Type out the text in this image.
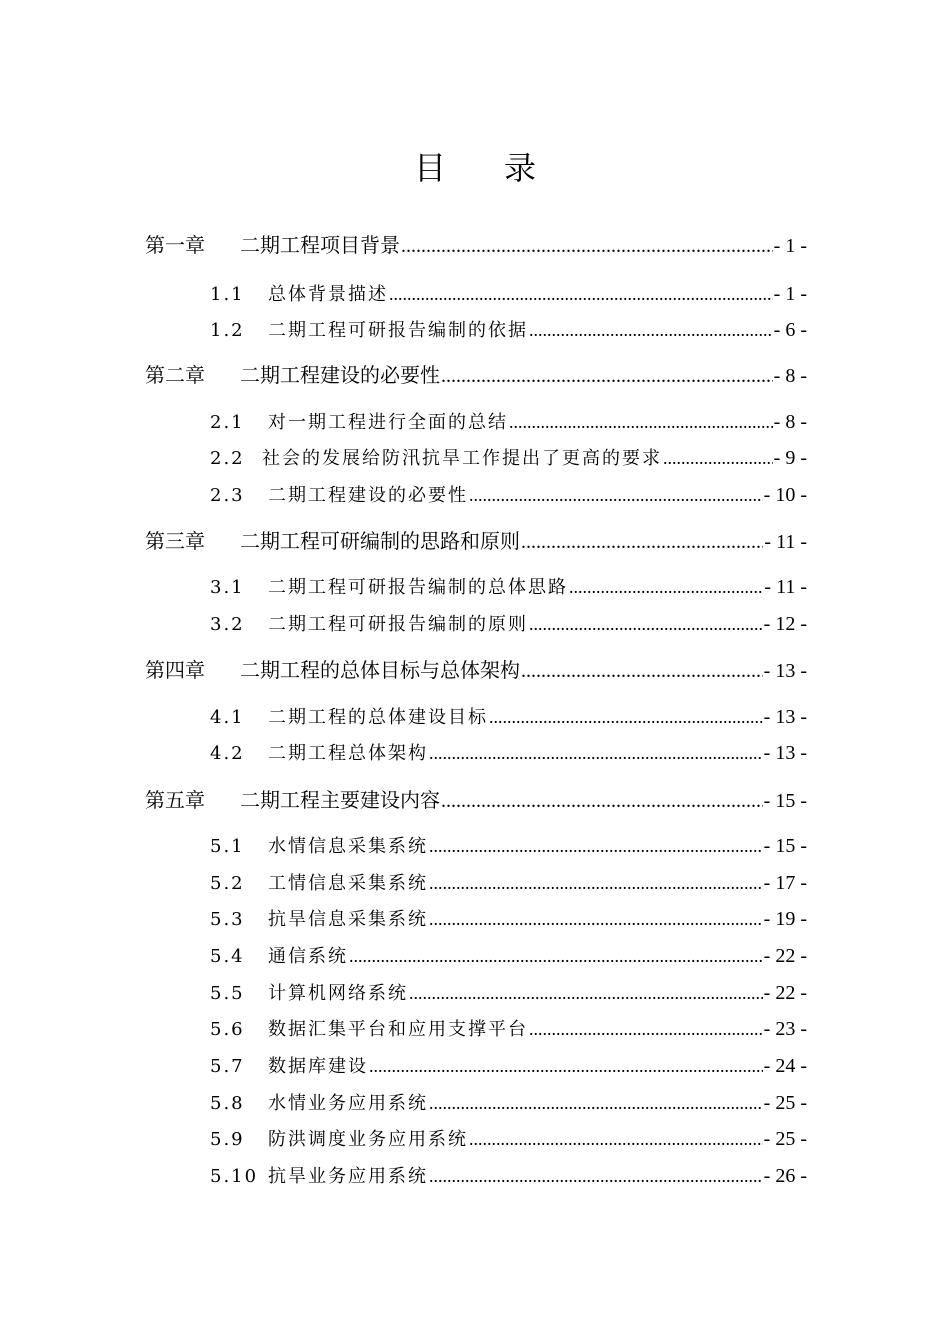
目录
第一章	二期工程项目背景 .....	- 1 -
1.1	总体背景描述 .....	- 1 -
1.2	二期工程可研报告编制的依据 .....	- 6 -
第二章	二期工程建设的必要性 .....	- 8 -
2.1	对一期工程进行全面的总结 .....	- 8 -
2.2 社会的发展给防汛抗旱工作提出了更高的要求 .....	- 9 -
2.3	二期工程建设的必要性 .....	- 10 -
第三章	二期工程可研编制的思路和原则 .....	- 11 -
3.1	二期工程可研报告编制的总体思路 .....	- 11 -
3.2	二期工程可研报告编制的原则 .....	- 12 -
第四章	二期工程的总体目标与总体架构 .....	- 13 -
4.1	二期工程的总体建设目标 .....	- 13 -
4.2	二期工程总体架构 .....	- 13 -
第五章	二期工程主要建设内容 .....	- 15 -
5.1	水情信息采集系统 .....	- 15 -
5.2	工情信息采集系统 .....	- 17 -
5.3	抗旱信息采集系统 .....	- 19 -
5.4	通信系统 .....	- 22 -
5.5	计算机网络系统 .....	- 22 -
5.6	数据汇集平台和应用支撑平台 .....	- 23 -
5.7	数据库建设 .....	- 24 -
5.8	水情业务应用系统 .....	- 25 -
5.9	防洪调度业务应用系统 .....	- 25 -
5.10 抗旱业务应用系统 .....	- 26 -
